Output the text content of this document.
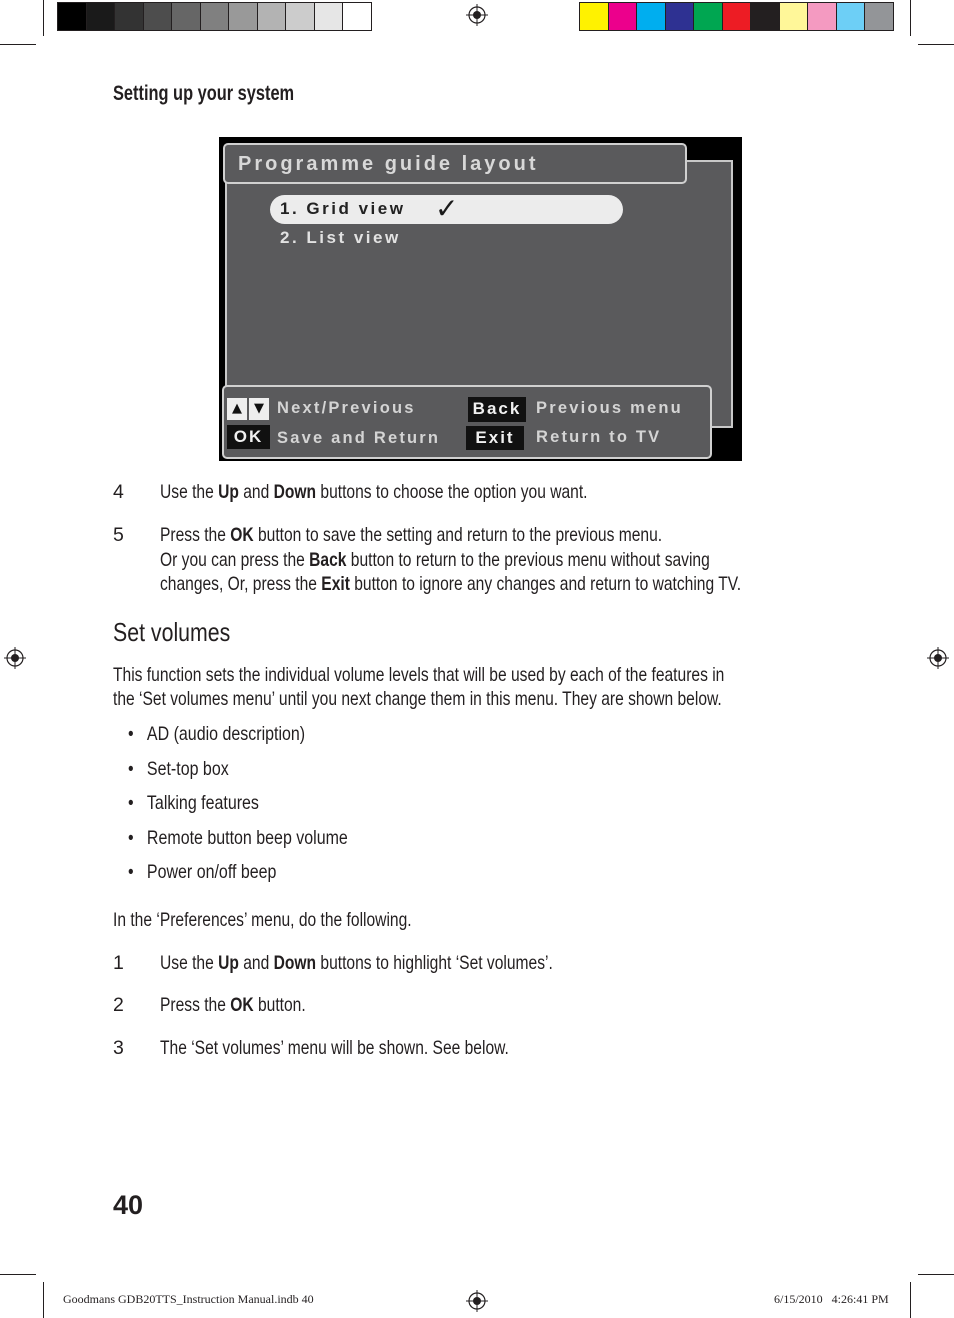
Setting up your system
Programme guide layout
1. Grid view ✓
2. List view
▲ ▼ Next/Previous
OK Save and Return
Back Previous menu
Exit	Return to TV
4 Use the Up and Down buttons to choose the option you want.
5 Press the OK button to save the setting and return to the previous menu.
Or you can press the Back button to return to the previous menu without saving
changes, Or, press the Exit button to ignore any changes and return to watching TV.
Set volumes
This function sets the individual volume levels that will be used by each of the features in
the ‘Set volumes menu’ until you next change them in this menu. They are shown below.
•   AD (audio description)
•   Set-top box
•   Talking features
•   Remote button beep volume
•   Power on/off beep
In the ‘Preferences’ menu, do the following.
1 Use the Up and Down buttons to highlight ‘Set volumes’.
2 Press the OK button.
3 The ‘Set volumes’ menu will be shown. See below.
40
Goodmans GDB20TTS_Instruction Manual.indb 40	6/15/2010   4:26:41 PM
